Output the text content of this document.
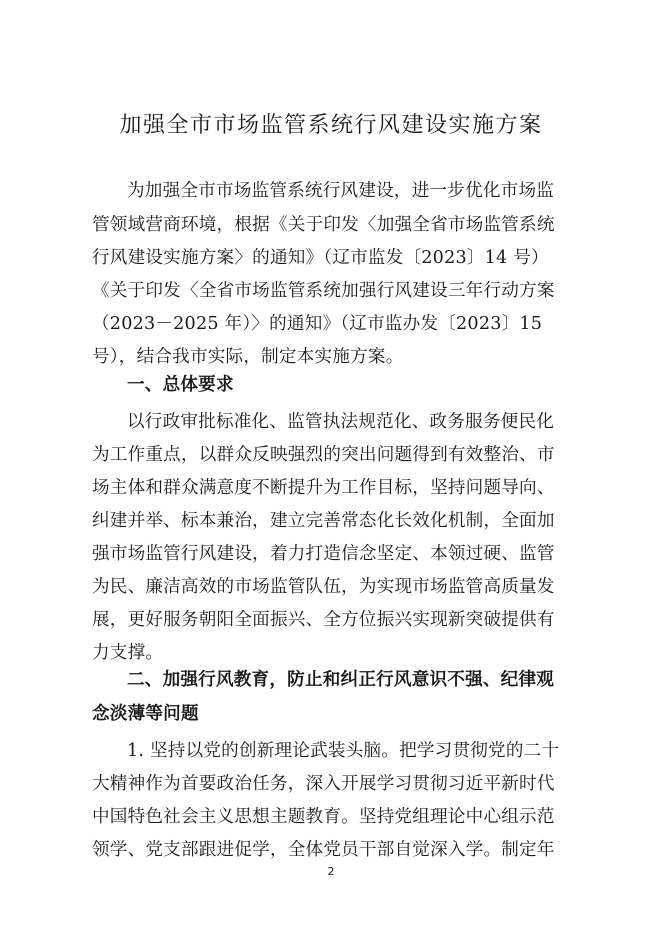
加强全市市场监管系统行风建设实施方案
为加强全市市场监管系统行风建设，进一步优化市场监
管领域营商环境，根据《关于印发〈加强全省市场监管系统
行风建设实施方案〉的通知》（辽市监发〔2023〕14 号）
《关于印发〈全省市场监管系统加强行风建设三年行动方案
（2023－2025 年）〉的通知》（辽市监办发〔2023〕15
号），结合我市实际，制定本实施方案。
一、总体要求
以行政审批标准化、监管执法规范化、政务服务便民化
为工作重点，以群众反映强烈的突出问题得到有效整治、市
场主体和群众满意度不断提升为工作目标，坚持问题导向、
纠建并举、标本兼治，建立完善常态化长效化机制，全面加
强市场监管行风建设，着力打造信念坚定、本领过硬、监管
为民、廉洁高效的市场监管队伍，为实现市场监管高质量发
展，更好服务朝阳全面振兴、全方位振兴实现新突破提供有
力支撑。
二、加强行风教育，防止和纠正行风意识不强、纪律观
念淡薄等问题
1. 坚持以党的创新理论武装头脑。把学习贯彻党的二十
大精神作为首要政治任务，深入开展学习贯彻习近平新时代
中国特色社会主义思想主题教育。坚持党组理论中心组示范
领学、党支部跟进促学，全体党员干部自觉深入学。制定年
2
